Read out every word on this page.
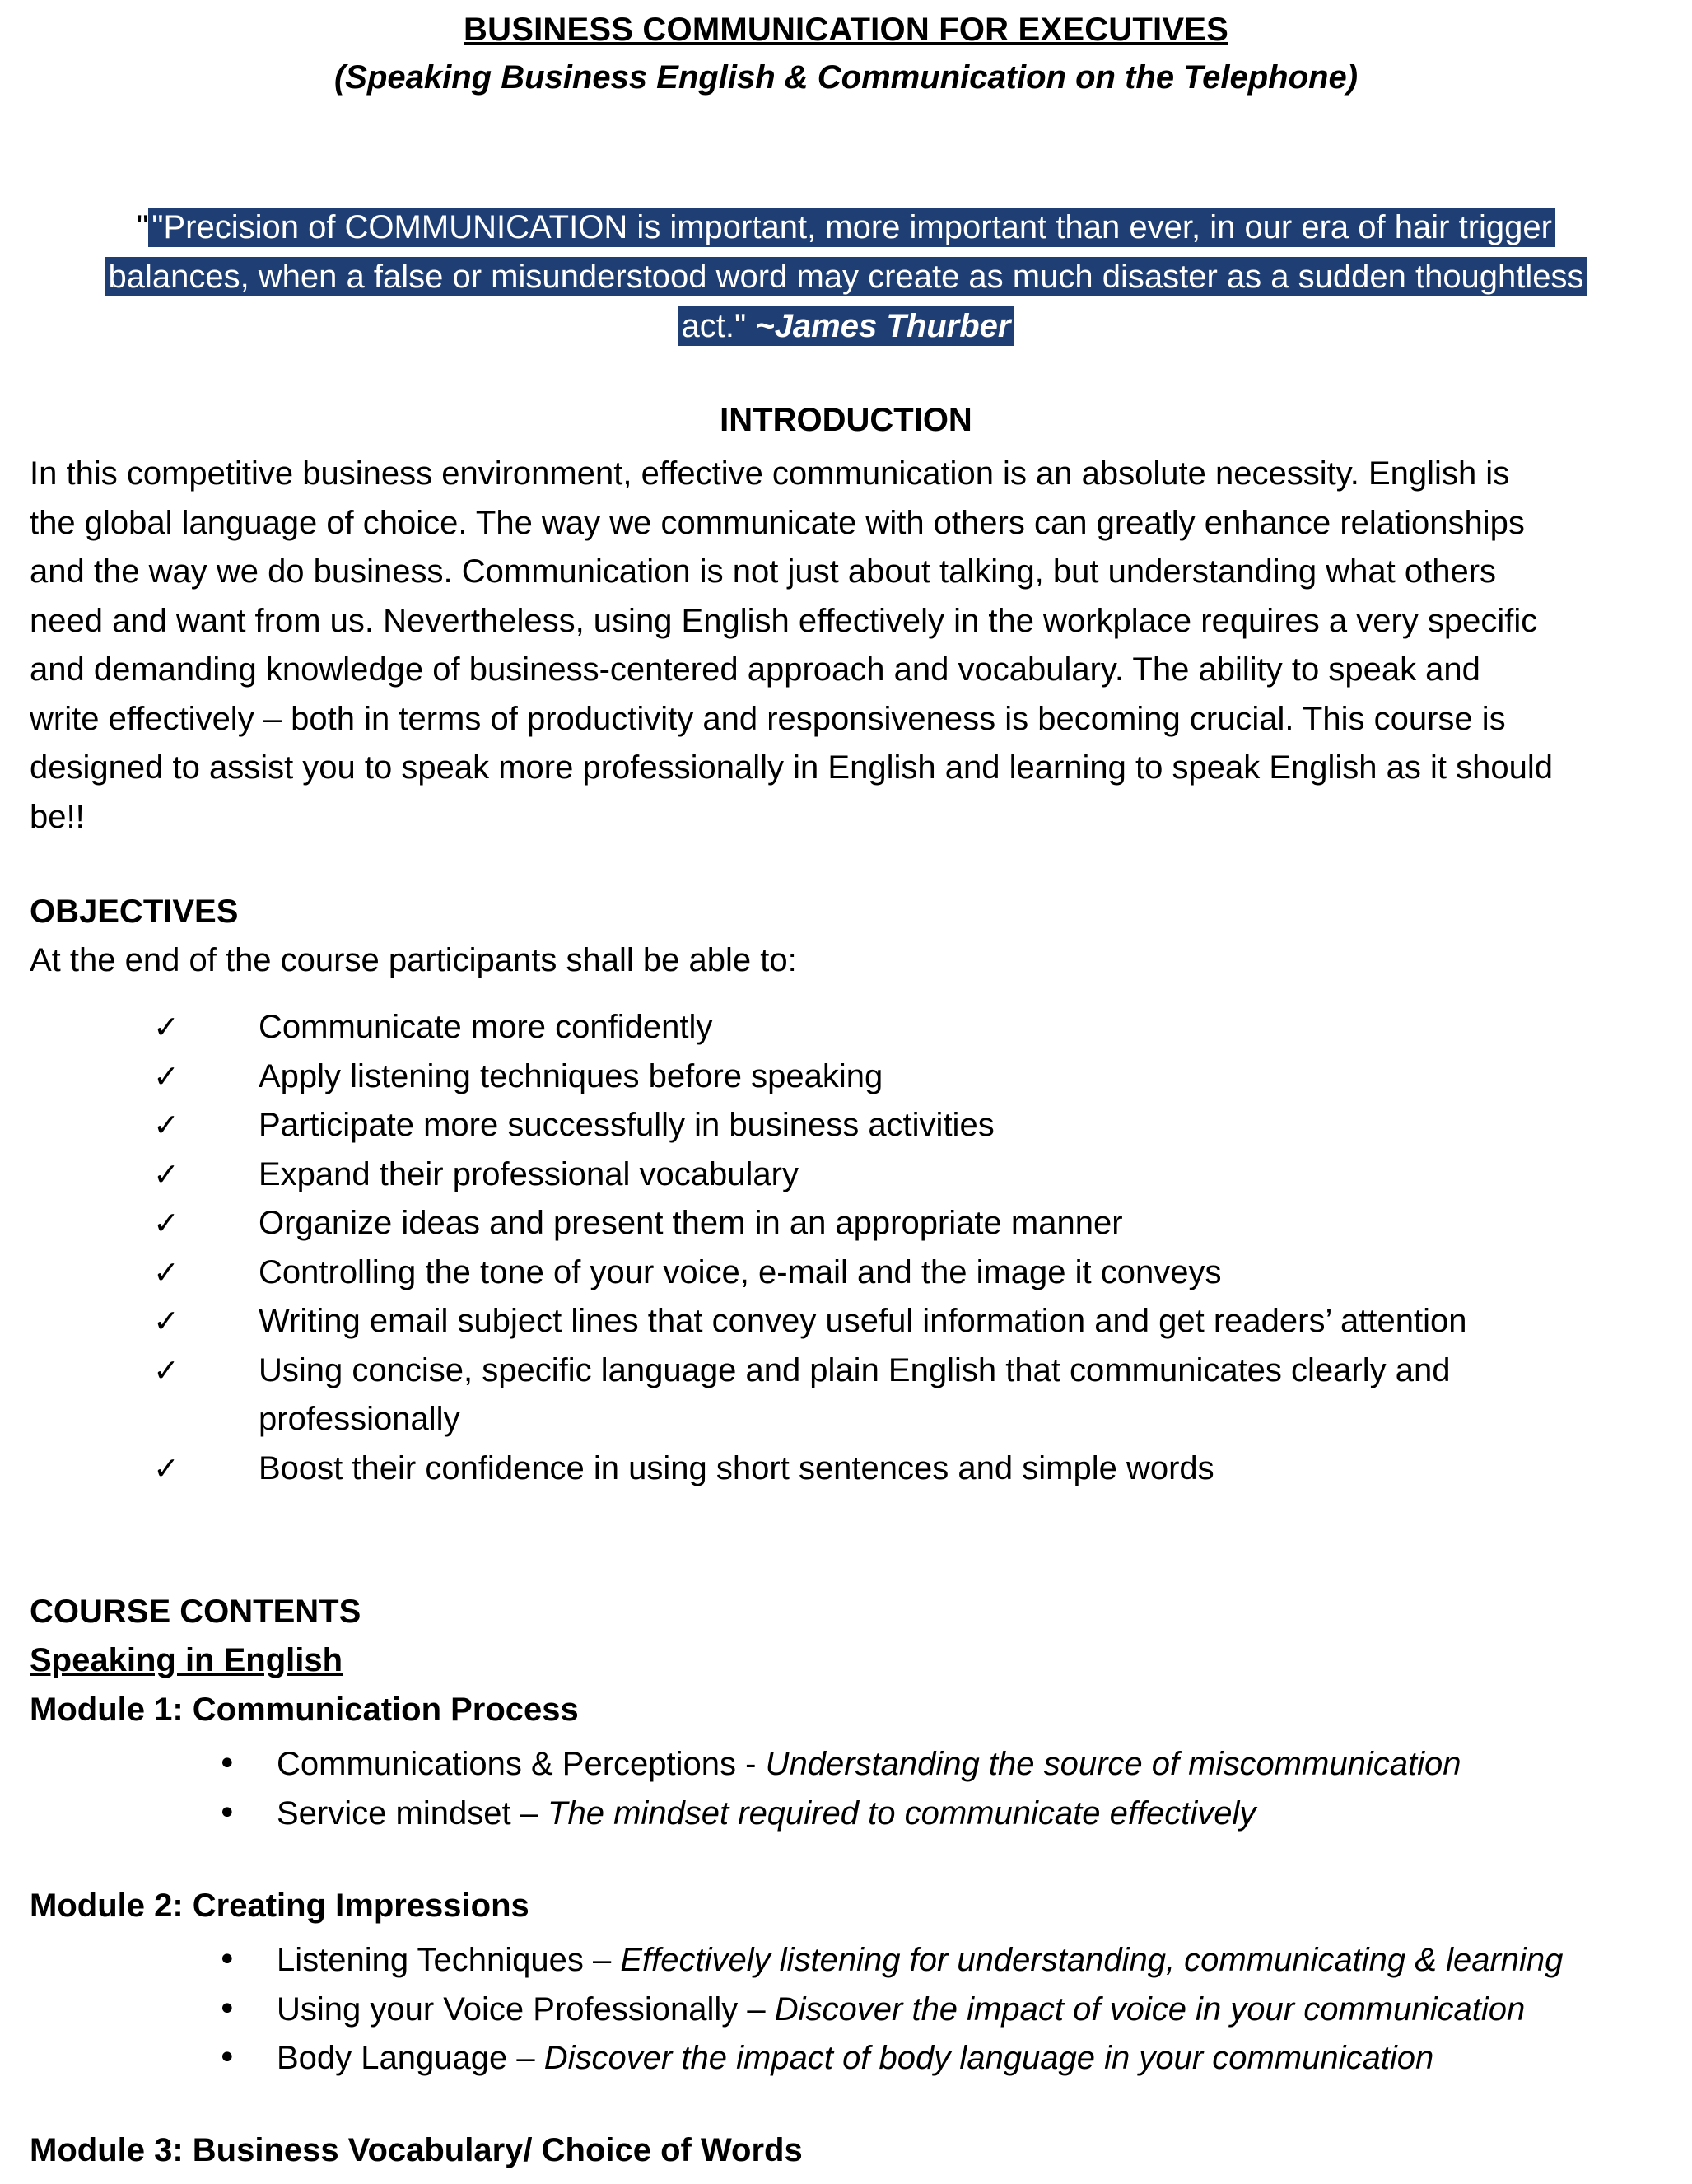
BUSINESS COMMUNICATION FOR EXECUTIVES
(Speaking Business English & Communication on the Telephone)
" "Precision of COMMUNICATION is important, more important than ever, in our era of hair trigger
balances, when a false or misunderstood word may create as much disaster as a sudden thoughtless
act." ~James Thurber
INTRODUCTION
In this competitive business environment, effective communication is an absolute necessity. English is
the global language of choice. The way we communicate with others can greatly enhance relationships
and the way we do business. Communication is not just about talking, but understanding what others
need and want from us. Nevertheless, using English effectively in the workplace requires a very specific
and demanding knowledge of business-centered approach and vocabulary. The ability to speak and
write effectively – both in terms of productivity and responsiveness is becoming crucial. This course is
designed to assist you to speak more professionally in English and learning to speak English as it should
be!!
OBJECTIVES
At the end of the course participants shall be able to:
✓ Communicate more confidently
✓ Apply listening techniques before speaking
✓ Participate more successfully in business activities
✓ Expand their professional vocabulary
✓ Organize ideas and present them in an appropriate manner
✓ Controlling the tone of your voice, e-mail and the image it conveys
✓ Writing email subject lines that convey useful information and get readers’ attention
✓ Using concise, specific language and plain English that communicates clearly and
professionally
✓ Boost their confidence in using short sentences and simple words
COURSE CONTENTS
Speaking in English
Module 1: Communication Process
• Communications & Perceptions - Understanding the source of miscommunication
• Service mindset – The mindset required to communicate effectively
Module 2: Creating Impressions
• Listening Techniques – Effectively listening for understanding, communicating & learning
• Using your Voice Professionally – Discover the impact of voice in your communication
• Body Language – Discover the impact of body language in your communication
Module 3: Business Vocabulary/ Choice of Words
